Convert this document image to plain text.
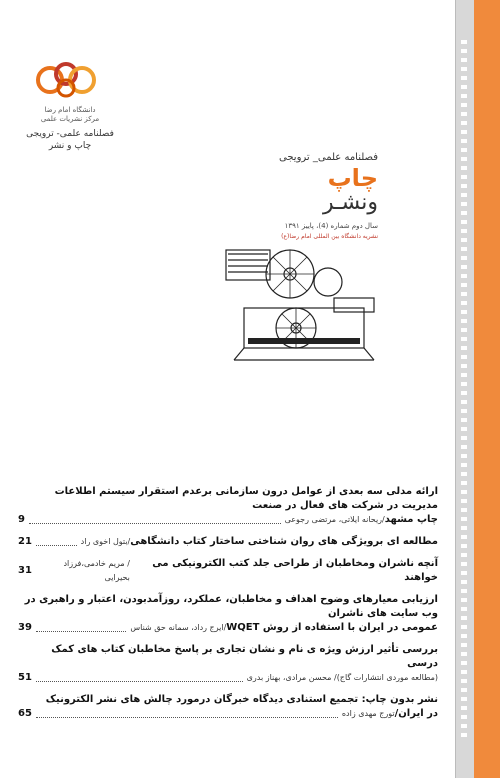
دانشگاه امام رضا
مرکز نشریات علمی
فصلنامه علمی- ترویجی
چاپ و نشر
فصلنامه علمی_ ترویجی
چاپ
ونشـر
سال دوم شماره (4)، پاییز ۱۳۹۱
نشریه دانشگاه بین المللی امام رضا(ع)
ارائه مدلی سه بعدی از عوامل درون سازمانی برعدم استقرار سیستم اطلاعات مدیریت در شرکت های فعال در صنعت
چاپ مشهد
/ریحانه ایلاتی، مرتضی رجوعی
9
مطالعه ای برویژگی های روان شناختی ساختار کتاب دانشگاهی
/بتول اخوی راد
21
آنچه ناشران ومخاطبان از طراحی جلد کتب الکترونیکی می خواهند
/ مریم خادمی،فرزاد بحیرایی
31
ارزیابی معیارهای وضوح اهداف و مخاطبان، عملکرد، روزآمدبودن، اعتبار و راهبری در وب سایت های ناشران
عمومی در ایران با استفاده از روش WQET
/ایرج رداد، سمانه حق شناس
39
بررسی تأثیر ارزش ویژه ی نام و نشان تجاری بر پاسخ مخاطبان کتاب های کمک درسی
(مطالعه موردی انتشارات گاج)
/ محسن مرادی، بهناز بدری
51
نشر بدون چاپ: تجمیع استنادی دیدگاه خبرگان درمورد چالش های نشر الکترونیک
در ایران/
تورج مهدی زاده
65
